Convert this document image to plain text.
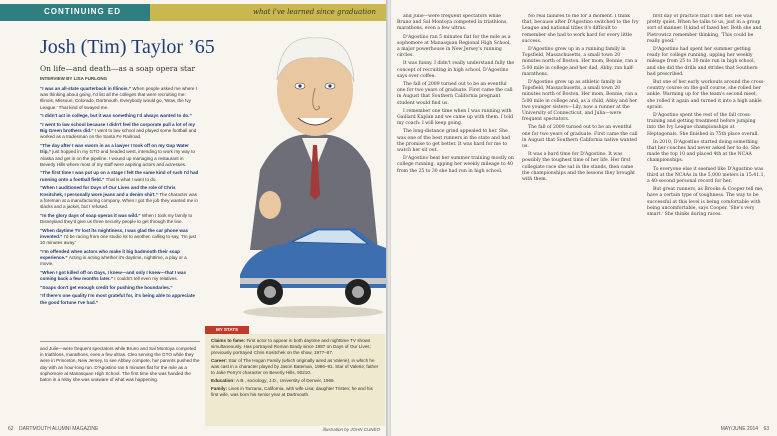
CONTINUING ED	what i've learned since graduation
Josh (Tim) Taylor ’65
On life—and death—as a soap opera star
INTERVIEW BY LISA FURLONG

“I was an all-state quarterback in Illinois.” When people asked me where I was thinking about going, I'd list all the colleges that were recruiting me: Illinois, Missouri, Colorado, Dartmouth. Everybody would go, 'Wow, the Ivy League.' That kind of swayed me.

“I didn't act in college, but it was something I'd always wanted to do.”

“I went to law school because I didn't feel the corporate pull a lot of my Big Green brothers did.” I went to law school and played some football and worked as a tradesman on the Santa Fe Railroad.

“The day after I was sworn in as a lawyer I took off on my Gap Water trip,” just hopped in my GTO and headed west, intending to work my way to Alaska and get in on the pipeline. I wound up managing a restaurant in Beverly Hills where most of my staff were aspiring actors and actresses.

“The first time I was put up on a stage I felt the same kind of rush I'd had running onto a football field.” That is what I want to do.

“When I auditioned for Days of Our Lives and the role of Chris Kositchek, I personally wore jeans and a denim shirt.” The character was a foreman at a manufacturing company. When I got the job they wanted me in slacks and a jacket, but I refused.

“In the glory days of soap operas it was wild.” When I took my family to Disneyland they'd give us three security people to get through the line.

“When daytime TV lost its mightiness, I was glad the car phone was invented.” I'd be racing from one studio lot to another, calling to say, 'I'm just 10 minutes away.'

“I'm offended when actors who make it big badmouth their soap experience.” Acting is acting whether it's daytime, nighttime, a play or a movie.

“When I got killed off on Days, I knew—and only I knew—that I was coming back a few months later.” I couldn't tell even my relatives.

“Soaps don't get enough credit for pushing the boundaries.”

“If there's one quality I'm most grateful for, it's being able to appreciate the good fortune I've had.”

and Julie—were frequent spectators while Bruno and Sal Montoya competed in triathlons, marathons, even a few ultras. Cleo serving the GTO while they were in Princeton, New Jersey, to see Abbey compete, her parents pushed the day with an hour-long run. D'Agostino ran 5 minutes flat for the mile as a sophomore at Manasquan High School. The first time she was handed the baton in a relay she was unaware of what was happening.
MY STATS

Claims to fame: First actor to appear in both daytime and nighttime TV shows simultaneously. Has portrayed Roman Brady since 1987 on Days of Our Lives; previously portrayed Chris Kositchek on the show, 1977–87.

Career: Star of The Hogan Family (which originally aired as Valerie), in which he was cast in a character played by Jason Bateman, 1986–91. Star of Valerie; father to Jake Perry's character on Beverly Hills, 90210.

Education: A.B., sociology; J.D., University of Denver, 1969.

Family: Lives in Tarzana, California, with wife Lisa; daughter Tristen; he and his first wife, was born his senior year at Dartmouth.

62 DARTMOUTH ALUMNI MAGAZINE	illustration by JOHN CUNEO

and Julie—were frequent spectators while Bruno and Sal Montoya competed in triathlons, marathons, even a few ultras.

D'Agostino ran 5 minutes flat for the mile as a sophomore at Manasquan Regional High School, a major powerhouse in New Jersey's running circles.

It was funny. I didn't really understand fully the concept of recruiting in high school, D'Agostino says over coffee.

The fall of 2009 turned out to be an eventful one for two years of graduate. First came the call in August that Southern California pregnant student would find us.

I remember one time when I was running with Gaillard Kaplan and we came up with them. I told my coach: I will keep going.

The long-distance grind appealed to her. She was one of the best runners in the state and had the promise to get better. It was hard for me to watch her sit out.

D'Agostino beat her summer training mostly on college running, upping her weekly mileage to 40 from the 25 to 30 she had run in high school.

No real failures to me for a moment. I think that, because after D'Agostino switched to the Ivy League and national titles it's difficult to remember she had to work hard for every little success.

D'Agostino grew up in a running family in Topsfield, Massachusetts, a small town 20 minutes north of Boston. Her mom, Bonnie, ran a 5:00 mile in college and her dad, Abby, ran half-marathons.

D'Agostino grew up as athletic family in Topsfield, Massachusetts, a small town 20 minutes north of Boston. Her mom, Bonnie, ran a 5:00 mile in college and, as a child, Abby and her two younger sisters—Lily, now a runner at the University of Connecticut, and Julia—were frequent spectators.

The fall of 2009 turned out to be an eventful one for two years of graduate. First came the call in August that Southern California native wanted us.

It was a hard time for D'Agostino. It was possibly the toughest time of her life. Her first collegiate race she sat in the stands, then came the championships and the lessons they brought with them.

first day of practice that I met her. He was pretty quiet. When he talks to us, just in a group sort of manner. It kind of fazed her. Both she and Pietrowicz remember thinking, 'This could be really good.'

D'Agostino had spent her summer getting ready for college running, upping her weekly mileage from 25 to 30 mile run in high school, and she did the drills and strides that Southern had prescribed.

But one of her early workouts around the cross-country course on the golf course, she rolled her ankle. Warming up for the team's second meet, she rolled it again and turned it into a high ankle sprain.

D'Agostino spent the rest of the fall cross-training and getting treatment before jumping into the Ivy League championships at Heptagonals. She finished in 75th place overall.

In 2010, D'Agostino started doing something that her coaches had never asked her to do. She made the top 10 and placed 4th at the NCAA championships.

To everyone else it seemed like D'Agostino was third at the NCAAs in the 5,000 meters in 15:41.1, a 40-second personal record for her.

But great runners, as Brooks & Cooper tell me, have a certain type of toughness. The way to be successful at this level is being comfortable with being uncomfortable, says Cooper. 'She's very smart.' She thinks during races.

MAY/JUNE 2014 63
